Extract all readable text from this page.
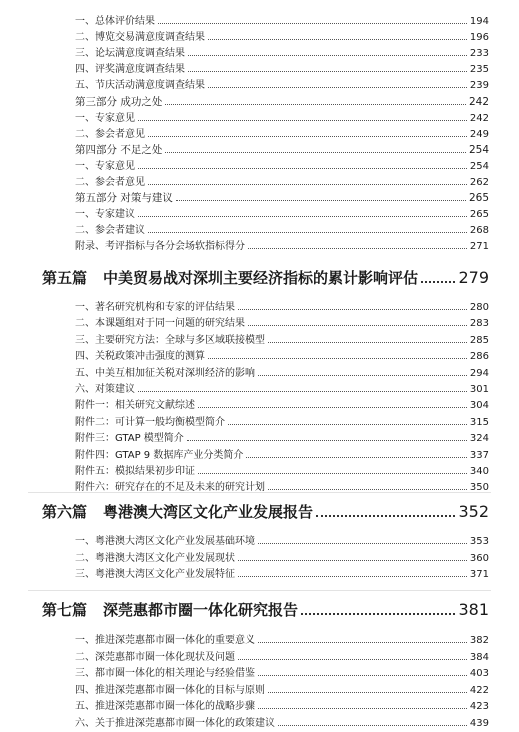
一、总体评价结果	194
二、博览交易满意度调查结果	196
三、论坛满意度调查结果	233
四、评奖满意度调查结果	235
五、节庆活动满意度调查结果	239
第三部分 成功之处	242
一、专家意见	242
二、参会者意见	249
第四部分 不足之处	254
一、专家意见	254
二、参会者意见	262
第五部分 对策与建议	265
一、专家建议	265
二、参会者建议	268
附录、考评指标与各分会场软指标得分	271
第五篇 中美贸易战对深圳主要经济指标的累计影响评估	279
一、著名研究机构和专家的评估结果	280
二、本课题组对于同一问题的研究结果	283
三、主要研究方法：全球与多区域联接模型	285
四、关税政策冲击强度的测算	286
五、中美互相加征关税对深圳经济的影响	294
六、对策建议	301
附件一：相关研究文献综述	304
附件二：可计算一般均衡模型简介	315
附件三：GTAP 模型简介	324
附件四：GTAP 9 数据库产业分类简介	337
附件五：模拟结果初步印证	340
附件六：研究存在的不足及未来的研究计划	350
第六篇 粤港澳大湾区文化产业发展报告	352
一、粤港澳大湾区文化产业发展基础环境	353
二、粤港澳大湾区文化产业发展现状	360
三、粤港澳大湾区文化产业发展特征	371
第七篇 深莞惠都市圈一体化研究报告	381
一、推进深莞惠都市圈一体化的重要意义	382
二、深莞惠都市圈一体化现状及问题	384
三、都市圈一体化的相关理论与经验借鉴	403
四、推进深莞惠都市圈一体化的目标与原则	422
五、推进深莞惠都市圈一体化的战略步骤	423
六、关于推进深莞惠都市圈一体化的政策建议	439
